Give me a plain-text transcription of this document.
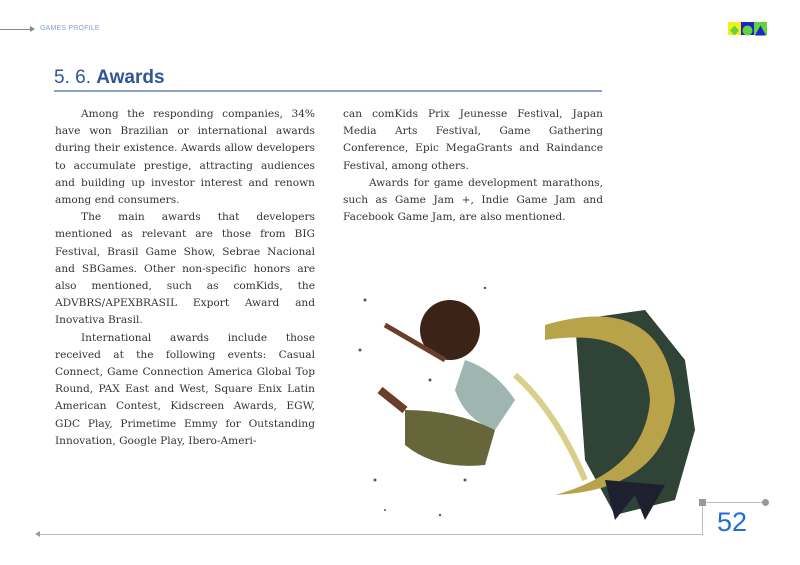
GAMES PROFILE
5. 6. Awards

Among the responding companies, 34% have won Brazilian or international awards during their existence. Awards allow developers to accumulate prestige, attracting audiences and building up investor interest and renown among end consumers.

The main awards that developers mentioned as relevant are those from BIG Festival, Brasil Game Show, Sebrae Nacional and SBGames. Other non-specific honors are also mentioned, such as comKids, the ADVBRS/APEXBRASIL Export Award and Inovativa Brasil.

International awards include those received at the following events: Casual Connect, Game Connection America Global Top Round, PAX East and West, Square Enix Latin American Contest, Kidscreen Awards, EGW, GDC Play, Primetime Emmy for Outstanding Innovation, Google Play, Ibero-Ameri-

can comKids Prix Jeunesse Festival, Japan Media Arts Festival, Game Gathering Conference, Epic MegaGrants and Raindance Festival, among others.

Awards for game development marathons, such as Game Jam +, Indie Game Jam and Facebook Game Jam, are also mentioned.

52
